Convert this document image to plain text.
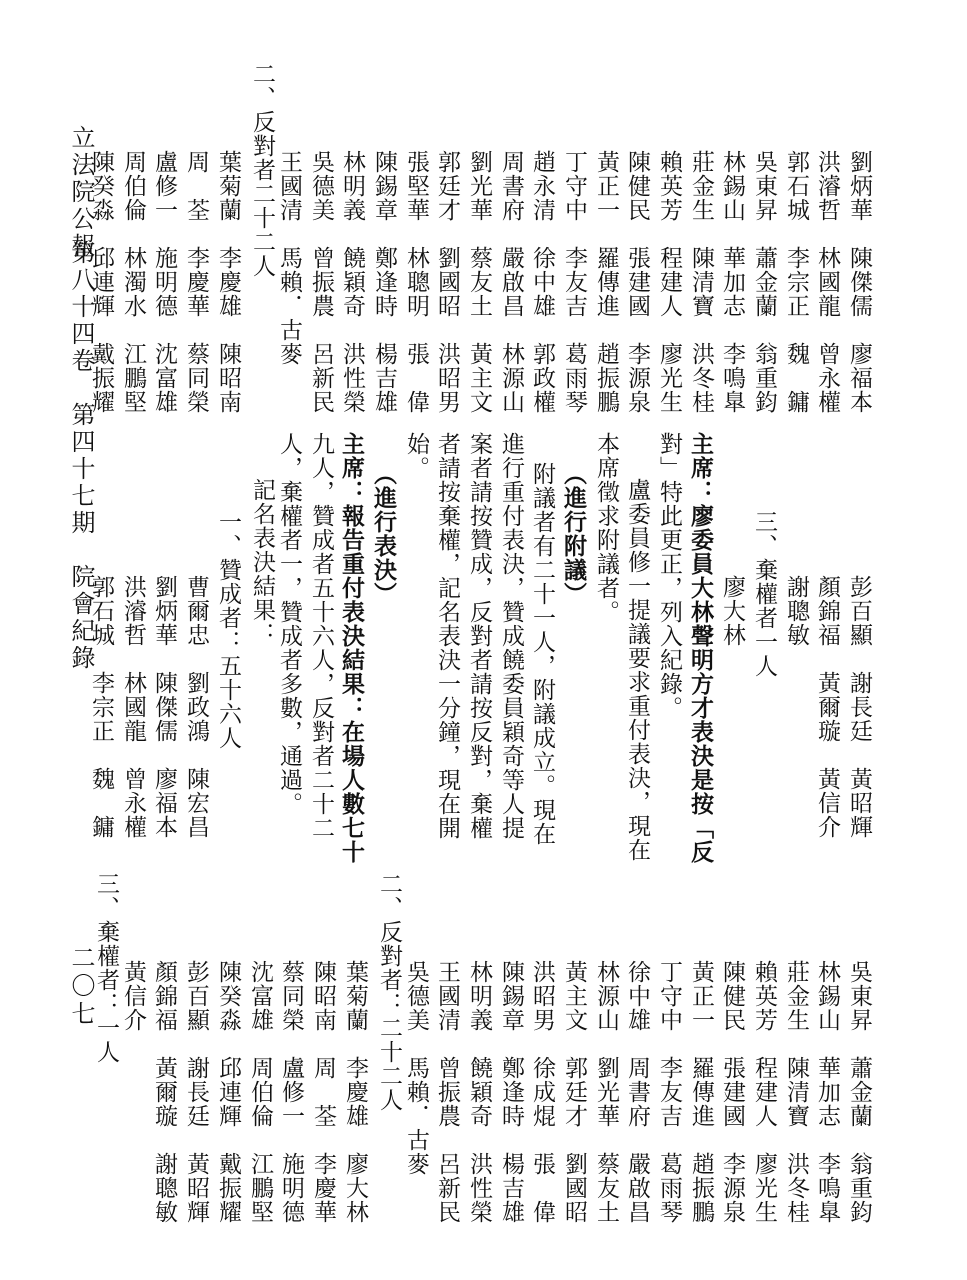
立法院公報
第八十四卷　第四十七期　院會紀錄
二〇七
劉炳華　陳傑儒　廖福本
洪濬哲　林國龍　曾永權
郭石城　李宗正　魏　鏞
吳東昇　蕭金蘭　翁重鈞
林錫山　華加志　李鳴臯
莊金生　陳清寶　洪冬桂
賴英芳　程建人　廖光生
陳健民　張建國　李源泉
黃正一　羅傳進　趙振鵬
丁守中　李友吉　葛雨琴
趙永清　徐中雄　郭政權
周書府　嚴啟昌　林源山
劉光華　蔡友土　黃主文
郭廷才　劉國昭　洪昭男
張堅華　林聰明　張　偉
陳錫章　鄭逢時　楊吉雄
林明義　饒穎奇　洪性榮
吳德美　曾振農　呂新民
王國清　馬賴．古麥
二、反對者二十二人
葉菊蘭　李慶雄　陳昭南
周　荃　李慶華　蔡同榮
盧修一　施明德　沈富雄
周伯倫　林濁水　江鵬堅
陳癸淼　邱連輝　戴振耀
彭百顯　謝長廷　黃昭輝
顏錦福　黃爾璇　黃信介
謝聰敏
三、棄權者一人
廖大林
主席：廖委員大林聲明方才表決是按「反
對」特此更正，列入紀錄。
盧委員修一提議要求重付表決，現在
本席徵求附議者。
（進行附議）
附議者有二十一人，附議成立。現在
進行重付表決，贊成饒委員穎奇等人提
案者請按贊成，反對者請按反對，棄權
者請按棄權，記名表決一分鐘，現在開
始。
（進行表決）
主席：報告重付表決結果：在場人數七十
九人，贊成者五十六人，反對者二十二
人，棄權者一，贊成者多數，通過。
記名表決結果：
一、贊成者：五十六人
曹爾忠　劉政鴻　陳宏昌
劉炳華　陳傑儒　廖福本
洪濬哲　林國龍　曾永權
郭石城　李宗正　魏　鏞
吳東昇　蕭金蘭　翁重鈞
林錫山　華加志　李鳴臯
莊金生　陳清寶　洪冬桂
賴英芳　程建人　廖光生
陳健民　張建國　李源泉
黃正一　羅傳進　趙振鵬
丁守中　李友吉　葛雨琴
徐中雄　周書府　嚴啟昌
林源山　劉光華　蔡友土
黃主文　郭廷才　劉國昭
洪昭男　徐成焜　張　偉
陳錫章　鄭逢時　楊吉雄
林明義　饒穎奇　洪性榮
王國清　曾振農　呂新民
吳德美　馬賴．古麥
二、反對者：二十二人
葉菊蘭　李慶雄　廖大林
陳昭南　周　荃　李慶華
蔡同榮　盧修一　施明德
沈富雄　周伯倫　江鵬堅
陳癸淼　邱連輝　戴振耀
彭百顯　謝長廷　黃昭輝
顏錦福　黃爾璇　謝聰敏
黃信介
三、棄權者：一人
